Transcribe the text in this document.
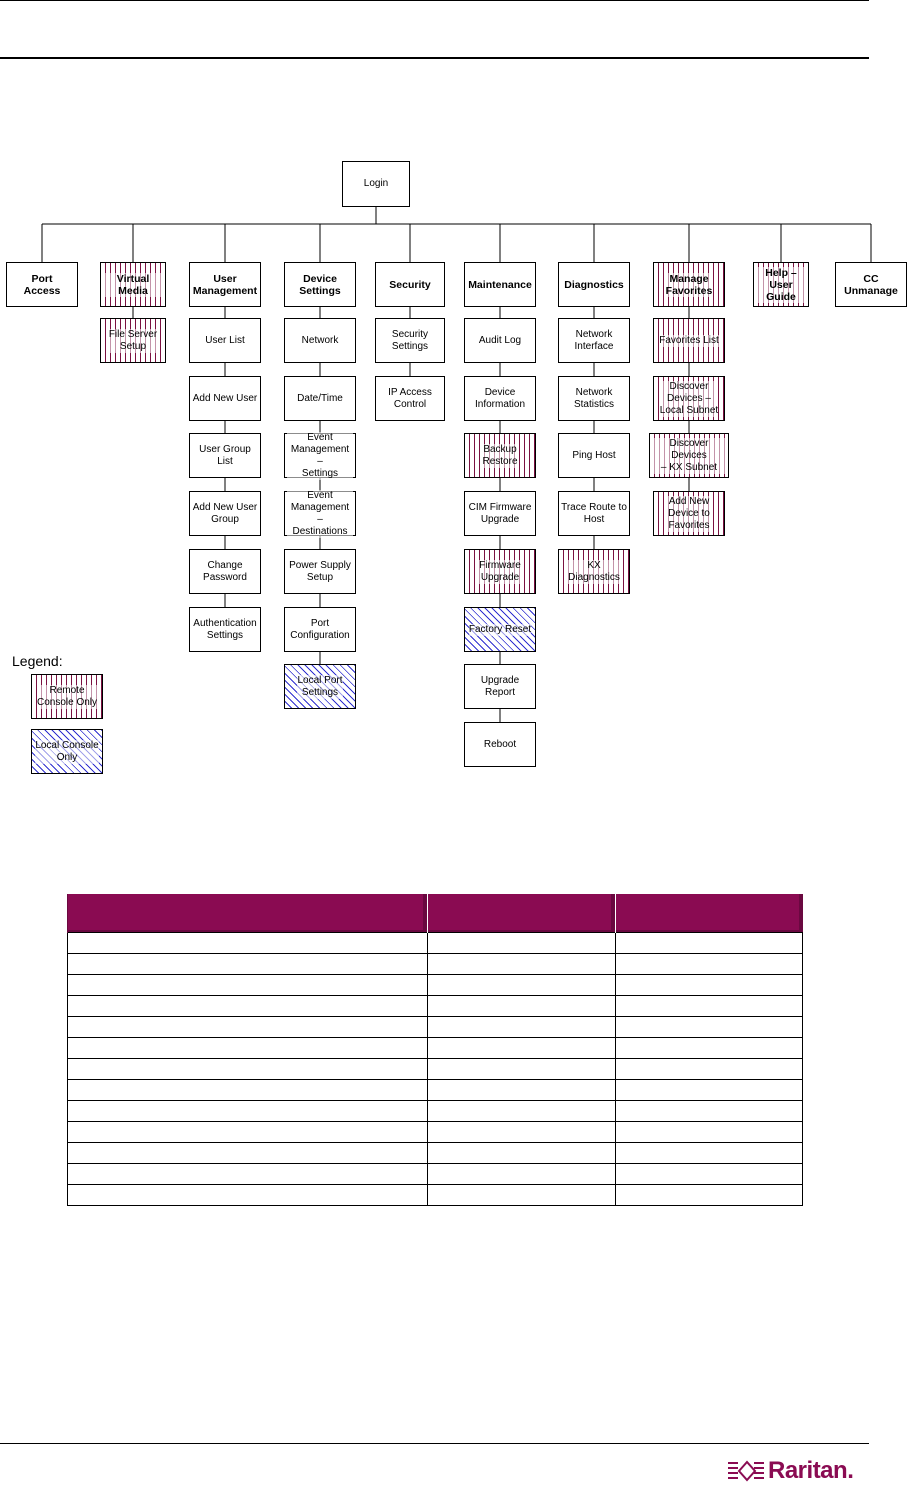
Login
Port
Access
Virtual Media
File Server
Setup
User
Management
User List
Add New User
User Group
List
Add New User
Group
Change
Password
Authentication
Settings
Device
Settings
Network
Date/Time
Event
Management –
Settings
Event
Management –
Destinations
Power Supply
Setup
Port
Configuration
Local Port
Settings
Security
Security
Settings
IP Access
Control
Maintenance
Audit Log
Device
Information
Backup
Restore
CIM Firmware
Upgrade
Firmware
Upgrade
Factory Reset
Upgrade
Report
Reboot
Diagnostics
Network
Interface
Network
Statistics
Ping Host
Trace Route to
Host
KX
Diagnostics
Manage
Favorites
Favorites List
Discover
Devices –
Local Subnet
Discover Devices
– KX Subnet
Add New
Device to
Favorites
Help – User
Guide
CC
Unmanage
Legend:
Remote
Console Only
Local Console
Only

Raritan.
